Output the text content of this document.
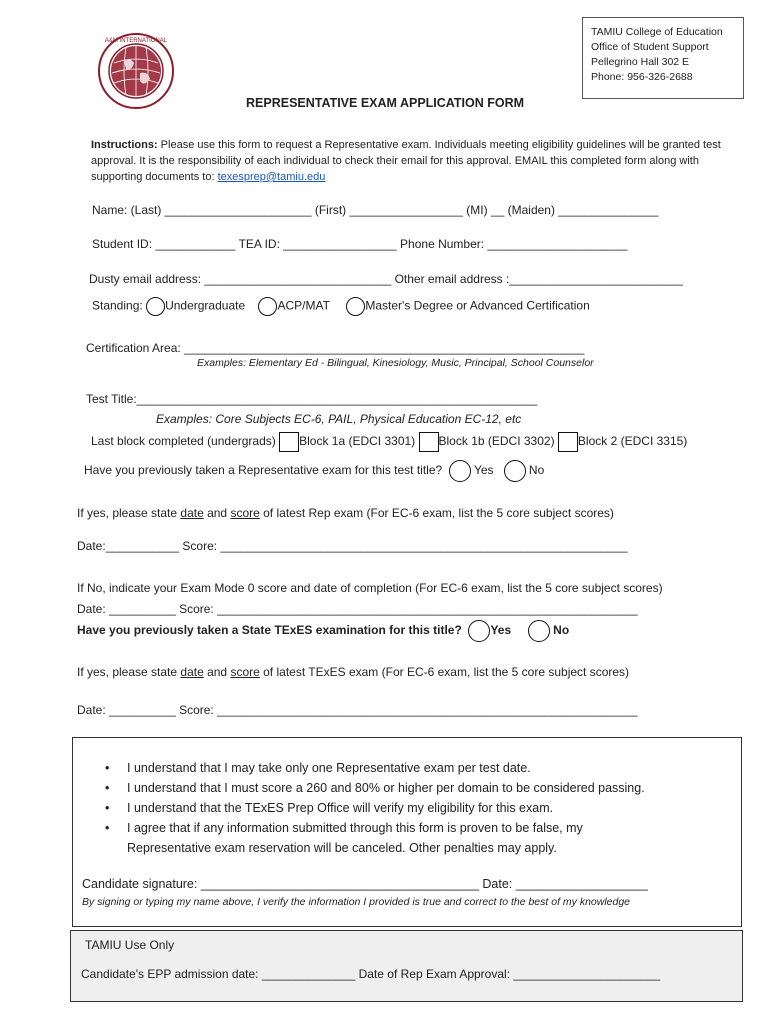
A&M INTERNATIONAL
TAMIU College of Education
Office of Student Support
Pellegrino Hall 302 E
Phone: 956-326-2688
REPRESENTATIVE EXAM APPLICATION FORM
Instructions: Please use this form to request a Representative exam. Individuals meeting eligibility guidelines will be granted test approval. It is the responsibility of each individual to check their email for this approval. EMAIL this completed form along with supporting documents to: texesprep@tamiu.edu
Name: (Last) ______________________ (First) _________________ (MI) __ (Maiden) _______________
Student ID: ____________ TEA ID: _________________ Phone Number: _____________________
Dusty email address: ____________________________ Other email address :__________________________
Standing: Undergraduate	ACP/MAT	Master's Degree or Advanced Certification
Certification Area: ____________________________________________________________
Examples: Elementary Ed - Bilingual, Kinesiology, Music, Principal, School Counselor
Test Title:____________________________________________________________
Examples: Core Subjects EC-6, PAIL, Physical Education EC-12, etc
Last block completed (undergrads) Block 1a (EDCI 3301) Block 1b (EDCI 3302) Block 2 (EDCI 3315)
Have you previously taken a Representative exam for this test title?	Yes	No
If yes, please state date and score of latest Rep exam (For EC-6 exam, list the 5 core subject scores)
Date:___________ Score: _____________________________________________________________
If No, indicate your Exam Mode 0 score and date of completion (For EC-6 exam, list the 5 core subject scores)
Date: __________ Score: _______________________________________________________________
Have you previously taken a State TExES examination for this title? Yes	No
If yes, please state date and score of latest TExES exam (For EC-6 exam, list the 5 core subject scores)
Date: __________ Score: _______________________________________________________________
• I understand that I may take only one Representative exam per test date.
• I understand that I must score a 260 and 80% or higher per domain to be considered passing.
• I understand that the TExES Prep Office will verify my eligibility for this exam.
• I agree that if any information submitted through this form is proven to be false, my
Representative exam reservation will be canceled. Other penalties may apply.
Candidate signature: ________________________________________ Date: ___________________
By signing or typing my name above, I verify the information I provided is true and correct to the best of my knowledge
TAMIU Use Only
Candidate's EPP admission date: ______________ Date of Rep Exam Approval: ______________________
